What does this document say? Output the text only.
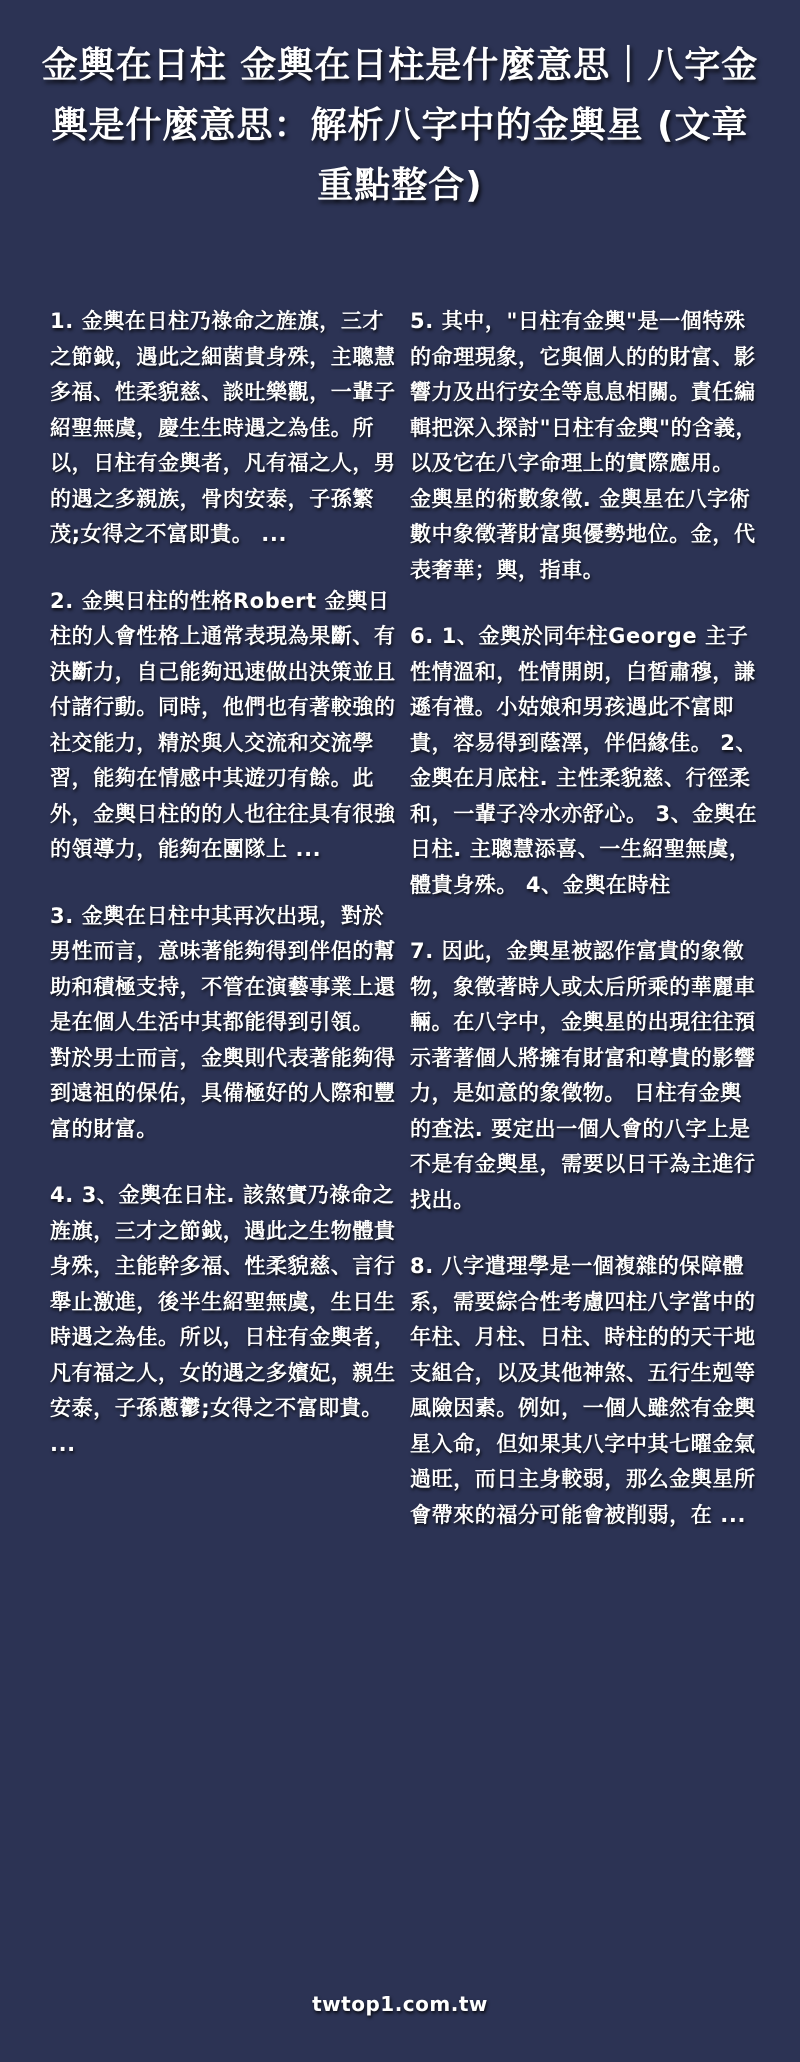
金輿在日柱 金輿在日柱是什麼意思｜八字金輿是什麼意思：解析八字中的金輿星 (文章重點整合)

1. 金輿在日柱乃祿命之旌旗，三才之節鉞，遇此之細菌貴身殊，主聰慧多福、性柔貌慈、談吐樂觀，一輩子紹聖無虞，慶生生時遇之為佳。所以，日柱有金輿者，凡有福之人，男的遇之多親族，骨肉安泰，子孫繁茂;女得之不富即貴。 ...

2. 金輿日柱的性格Robert 金輿日柱的人會性格上通常表現為果斷、有決斷力，自己能夠迅速做出決策並且付諸行動。同時，他們也有著較強的社交能力，精於與人交流和交流學習，能夠在情感中其遊刃有餘。此外，金輿日柱的的人也往往具有很強的領導力，能夠在團隊上 ...

3. 金輿在日柱中其再次出現，對於男性而言，意味著能夠得到伴侶的幫助和積極支持，不管在演藝事業上還是在個人生活中其都能得到引領。 對於男士而言，金輿則代表著能夠得到遠祖的保佑，具備極好的人際和豐富的財富。

4. 3、金輿在日柱. 該煞實乃祿命之旌旗，三才之節鉞，遇此之生物體貴身殊，主能幹多福、性柔貌慈、言行舉止激進，後半生紹聖無虞，生日生時遇之為佳。所以，日柱有金輿者，凡有福之人，女的遇之多嬪妃，親生安泰，子孫蔥鬱;女得之不富即貴。 ...

5. 其中，"日柱有金輿"是一個特殊的命理現象，它與個人的的財富、影響力及出行安全等息息相關。責任編輯把深入探討"日柱有金輿"的含義，以及它在八字命理上的實際應用。 金輿星的術數象徵. 金輿星在八字術數中象徵著財富與優勢地位。金，代表奢華；輿，指車。

6. 1、金輿於同年柱George 主子性情溫和，性情開朗，白皙肅穆，謙遜有禮。小姑娘和男孩遇此不富即貴，容易得到蔭澤，伴侶緣佳。 2、金輿在月底柱. 主性柔貌慈、行徑柔和，一輩子冷水亦舒心。 3、金輿在日柱. 主聰慧添喜、一生紹聖無虞，體貴身殊。 4、金輿在時柱

7. 因此，金輿星被認作富貴的象徵物，象徵著時人或太后所乘的華麗車輛。在八字中，金輿星的出現往往預示著著個人將擁有財富和尊貴的影響力，是如意的象徵物。 日柱有金輿的查法. 要定出一個人會的八字上是不是有金輿星，需要以日干為主進行找出。

8. 八字遣理學是一個複雜的保障體系，需要綜合性考慮四柱八字當中的年柱、月柱、日柱、時柱的的天干地支組合，以及其他神煞、五行生剋等風險因素。例如，一個人雖然有金輿星入命，但如果其八字中其七曜金氣過旺，而日主身較弱，那么金輿星所會帶來的福分可能會被削弱，在 ...

twtop1.com.tw
